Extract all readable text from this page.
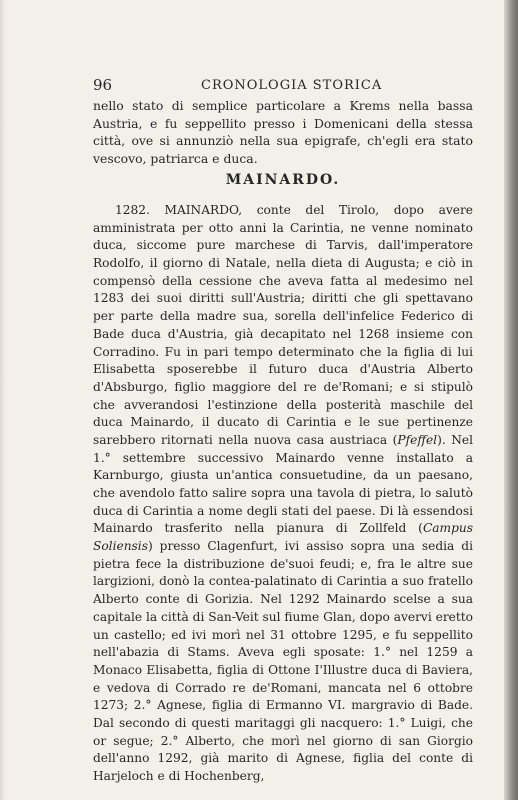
96	CRONOLOGIA STORICA

nello stato di semplice particolare a Krems nella bassa Austria, e fu seppellito presso i Domenicani della stessa città, ove si annunziò nella sua epigrafe, ch'egli era stato vescovo, patriarca e duca.

MAINARDO.

1282. MAINARDO, conte del Tirolo, dopo avere amministrata per otto anni la Carintia, ne venne nominato duca, siccome pure marchese di Tarvis, dall'imperatore Rodolfo, il giorno di Natale, nella dieta di Augusta; e ciò in compensò della cessione che aveva fatta al medesimo nel 1283 dei suoi diritti sull'Austria; diritti che gli spettavano per parte della madre sua, sorella dell'infelice Federico di Bade duca d'Austria, già decapitato nel 1268 insieme con Corradino. Fu in pari tempo determinato che la figlia di lui Elisabetta sposerebbe il futuro duca d'Austria Alberto d'Absburgo, figlio maggiore del re de'Romani; e si stipulò che avverandosi l'estinzione della posterità maschile del duca Mainardo, il ducato di Carintia e le sue pertinenze sarebbero ritornati nella nuova casa austriaca (Pfeffel). Nel 1.° settembre successivo Mainardo venne installato a Karnburgo, giusta un'antica consuetudine, da un paesano, che avendolo fatto salire sopra una tavola di pietra, lo salutò duca di Carintia a nome degli stati del paese. Di là essendosi Mainardo trasferito nella pianura di Zollfeld (Campus Soliensis) presso Clagenfurt, ivi assiso sopra una sedia di pietra fece la distribuzione de'suoi feudi; e, fra le altre sue largizioni, donò la contea-palatinato di Carintia a suo fratello Alberto conte di Gorizia. Nel 1292 Mainardo scelse a sua capitale la città di San-Veit sul fiume Glan, dopo avervi eretto un castello; ed ivi morì nel 31 ottobre 1295, e fu seppellito nell'abazia di Stams. Aveva egli sposate: 1.° nel 1259 a Monaco Elisabetta, figlia di Ottone I'Illustre duca di Baviera, e vedova di Corrado re de'Romani, mancata nel 6 ottobre 1273; 2.° Agnese, figlia di Ermanno VI. margravio di Bade. Dal secondo di questi maritaggi gli nacquero: 1.° Luigi, che or segue; 2.° Alberto, che morì nel giorno di san Giorgio dell'anno 1292, già marito di Agnese, figlia del conte di Harjeloch e di Hochenberg,
